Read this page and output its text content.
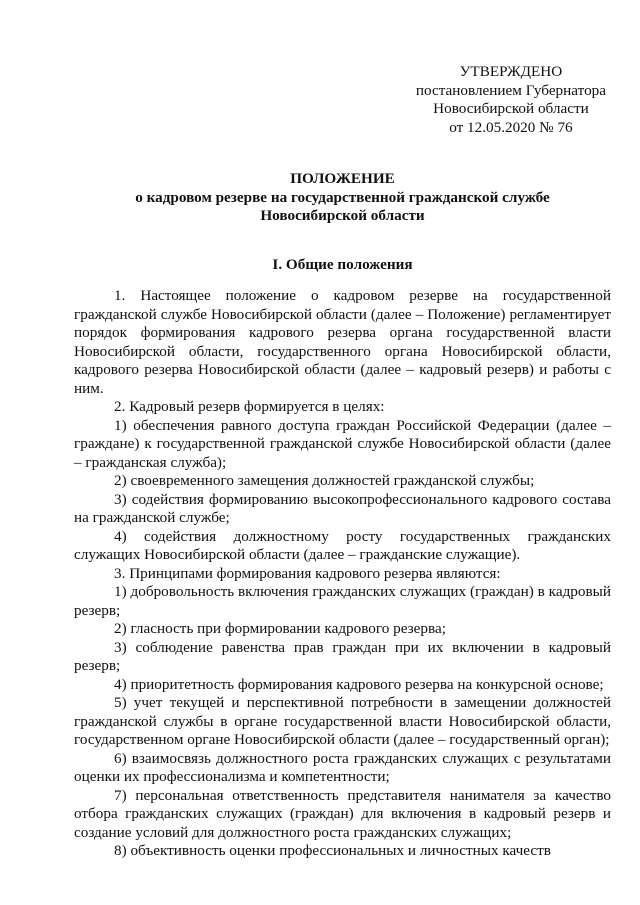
УТВЕРЖДЕНО
постановлением Губернатора
Новосибирской области
от 12.05.2020 № 76
ПОЛОЖЕНИЕ
о кадровом резерве на государственной гражданской службе
Новосибирской области
I. Общие положения

1. Настоящее положение о кадровом резерве на государственной гражданской службе Новосибирской области (далее – Положение) регламентирует порядок формирования кадрового резерва органа государственной власти Новосибирской области, государственного органа Новосибирской области, кадрового резерва Новосибирской области (далее – кадровый резерв) и работы с ним.

2. Кадровый резерв формируется в целях:

1) обеспечения равного доступа граждан Российской Федерации (далее – граждане) к государственной гражданской службе Новосибирской области (далее – гражданская служба);

2) своевременного замещения должностей гражданской службы;

3) содействия формированию высокопрофессионального кадрового состава на гражданской службе;

4) содействия должностному росту государственных гражданских служащих Новосибирской области (далее – гражданские служащие).

3. Принципами формирования кадрового резерва являются:

1) добровольность включения гражданских служащих (граждан) в кадровый резерв;

2) гласность при формировании кадрового резерва;

3) соблюдение равенства прав граждан при их включении в кадровый резерв;

4) приоритетность формирования кадрового резерва на конкурсной основе;

5) учет текущей и перспективной потребности в замещении должностей гражданской службы в органе государственной власти Новосибирской области, государственном органе Новосибирской области (далее – государственный орган);

6) взаимосвязь должностного роста гражданских служащих с результатами оценки их профессионализма и компетентности;

7) персональная ответственность представителя нанимателя за качество отбора гражданских служащих (граждан) для включения в кадровый резерв и создание условий для должностного роста гражданских служащих;

8) объективность оценки профессиональных и личностных качеств
